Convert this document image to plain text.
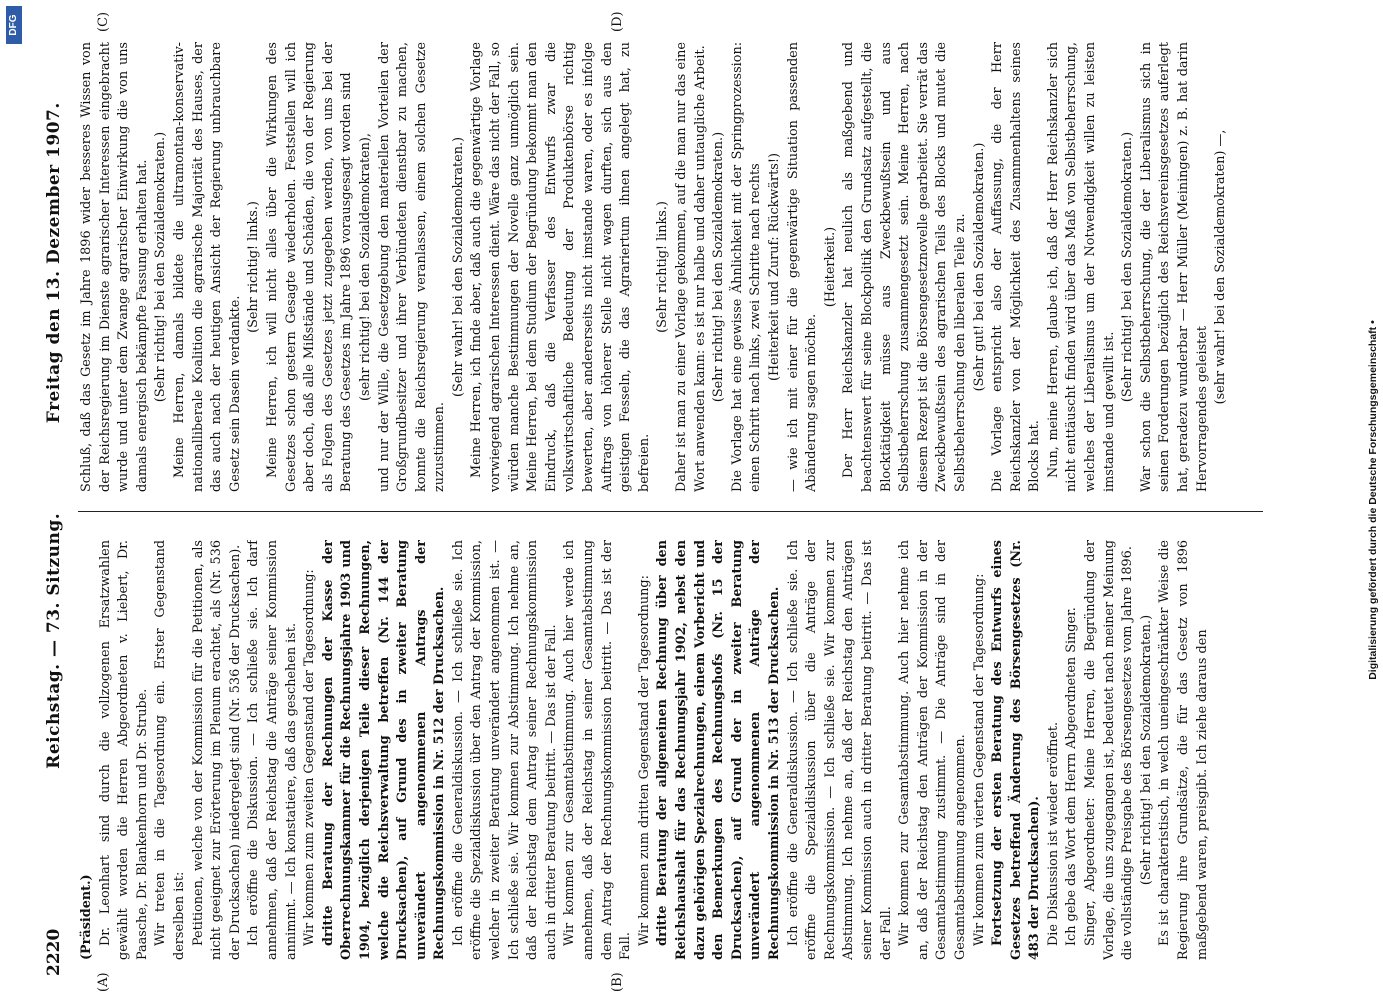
DFG
2220
Reichstag. — 73. Sitzung.
Freitag den 13. Dezember 1907.
(A)	(B)
(C)	(D)

(Präsident.) Dr. Leonhart sind durch die vollzogenen Ersatzwahlen gewählt worden die Herren Abgeordneten v. Liebert, Dr. Paasche, Dr. Blankenhorn und Dr. Strube. Wir treten in die Tagesordnung ein. Erster Gegenstand derselben ist: Petitionen, welche von der Kommission für die Petitionen, als nicht geeignet zur Erörterung im Plenum erachtet, als (Nr. 536 der Drucksachen) niedergelegt sind (Nr. 536 der Drucksachen). Ich eröffne die Diskussion. — Ich schließe sie. Ich darf annehmen, daß der Reichstag die Anträge seiner Kommission annimmt. — Ich konstatiere, daß das geschehen ist. Wir kommen zum zweiten Gegenstand der Tagesordnung: dritte Beratung der Rechnungen der Kasse der Oberrechnungskammer für die Rechnungsjahre 1903 und 1904, bezüglich derjenigen Teile dieser Rechnungen, welche die Reichsverwaltung betreffen (Nr. 144 der Drucksachen), auf Grund des in zweiter Beratung unverändert angenommenen Antrags der Rechnungskommission in Nr. 512 der Drucksachen. Ich eröffne die Generaldiskussion. — Ich schließe sie. Ich eröffne die Spezialdiskussion über den Antrag der Kommission, welcher in zweiter Beratung unverändert angenommen ist. — Ich schließe sie. Wir kommen zur Abstimmung. Ich nehme an, daß der Reichstag dem Antrag seiner Rechnungskommission auch in dritter Beratung beitritt. — Das ist der Fall. Wir kommen zur Gesamtabstimmung. Auch hier werde ich annehmen, daß der Reichstag in seiner Gesamtabstimmung dem Antrag der Rechnungskommission beitritt. — Das ist der Fall.

Wir kommen zum dritten Gegenstand der Tagesordnung: dritte Beratung der allgemeinen Rechnung über den Reichshaushalt für das Rechnungsjahr 1902, nebst den dazu gehörigen Spezialrechnungen, einem Vorbericht und den Bemerkungen des Rechnungshofs (Nr. 15 der Drucksachen), auf Grund der in zweiter Beratung unverändert angenommenen Anträge der Rechnungskommission in Nr. 513 der Drucksachen. Ich eröffne die Generaldiskussion. — Ich schließe sie. Ich eröffne die Spezialdiskussion über die Anträge der Rechnungskommission. — Ich schließe sie. Wir kommen zur Abstimmung. Ich nehme an, daß der Reichstag den Anträgen seiner Kommission auch in dritter Beratung beitritt. — Das ist der Fall. Wir kommen zur Gesamtabstimmung. Auch hier nehme ich an, daß der Reichstag den Anträgen der Kommission in der Gesamtabstimmung zustimmt. — Die Anträge sind in der Gesamtabstimmung angenommen. Wir kommen zum vierten Gegenstand der Tagesordnung: Fortsetzung der ersten Beratung des Entwurfs eines Gesetzes betreffend Änderung des Börsengesetzes (Nr. 483 der Drucksachen). Die Diskussion ist wieder eröffnet. Ich gebe das Wort dem Herrn Abgeordneten Singer. Singer, Abgeordneter: Meine Herren, die Begründung der Vorlage, die uns zugegangen ist, bedeutet nach meiner Meinung die vollständige Preisgabe des Börsengesetzes vom Jahre 1896. (Sehr richtig! bei den Sozialdemokraten.) Es ist charakteristisch, in welch uneingeschränkter Weise die Regierung ihre Grundsätze, die für das Gesetz von 1896 maßgebend waren, preisgibt. Ich ziehe daraus den

Schluß, daß das Gesetz im Jahre 1896 wider besseres Wissen von der Reichsregierung im Dienste agrarischer Interessen eingebracht wurde und unter dem Zwange agrarischer Einwirkung die von uns damals energisch bekämpfte Fassung erhalten hat. (Sehr richtig! bei den Sozialdemokraten.) Meine Herren, damals bildete die ultramontan-konservativ-nationalliberale Koalition die agrarische Majorität des Hauses, der das auch nach der heutigen Ansicht der Regierung unbrauchbare Gesetz sein Dasein verdankte.

(Sehr richtig! links.) Meine Herren, ich will nicht alles über die Wirkungen des Gesetzes schon gestern Gesagte wiederholen. Feststellen will ich aber doch, daß alle Mißstände und Schäden, die von der Regierung als Folgen des Gesetzes jetzt zugegeben werden, von uns bei der Beratung des Gesetzes im Jahre 1896 vorausgesagt worden sind (sehr richtig! bei den Sozialdemokraten), und nur der Wille, die Gesetzgebung den materiellen Vorteilen der Großgrundbesitzer und ihrer Verbündeten dienstbar zu machen, konnte die Reichsregierung veranlassen, einem solchen Gesetze zuzustimmen.

(Sehr wahr! bei den Sozialdemokraten.) Meine Herren, ich finde aber, daß auch die gegenwärtige Vorlage vorwiegend agrarischen Interessen dient. Wäre das nicht der Fall, so würden manche Bestimmungen der Novelle ganz unmöglich sein. Meine Herren, bei dem Studium der Begründung bekommt man den Eindruck, daß die Verfasser des Entwurfs zwar die volkswirtschaftliche Bedeutung der Produktenbörse richtig bewerten, aber andererseits nicht imstande waren, oder es infolge Auftrags von höherer Stelle nicht wagen durften, sich aus den geistigen Fesseln, die das Agrariertum ihnen angelegt hat, zu befreien.

(Sehr richtig! links.) Daher ist man zu einer Vorlage gekommen, auf die man nur das eine Wort anwenden kann: es ist nur halbe und daher untaugliche Arbeit. (Sehr richtig! bei den Sozialdemokraten.) Die Vorlage hat eine gewisse Ähnlichkeit mit der Springprozession: einen Schritt nach links, zwei Schritte nach rechts (Heiterkeit und Zuruf: Rückwärts!) — wie ich mit einer für die gegenwärtige Situation passenden Abänderung sagen möchte.

(Heiterkeit.) Der Herr Reichskanzler hat neulich als maßgebend und beachtenswert für seine Blockpolitik den Grundsatz aufgestellt, die Blocktätigkeit müsse aus Zweckbewußtsein und aus Selbstbeherrschung zusammengesetzt sein. Meine Herren, nach diesem Rezept ist die Börsengesetznovelle gearbeitet. Sie verrät das Zweckbewußtsein des agrarischen Teils des Blocks und mutet die Selbstbeherrschung den liberalen Teile zu. (Sehr gut! bei den Sozialdemokraten.) Die Vorlage entspricht also der Auffassung, die der Herr Reichskanzler von der Möglichkeit des Zusammenhaltens seines Blocks hat. Nun, meine Herren, glaube ich, daß der Herr Reichskanzler sich nicht enttäuscht finden wird über das Maß von Selbstbeherrschung, welches der Liberalismus um der Notwendigkeit willen zu leisten imstande und gewillt ist.

(Sehr richtig! bei den Sozialdemokraten.) War schon die Selbstbeherrschung, die der Liberalismus sich in seinen Forderungen bezüglich des Reichsvereinsgesetzes auferlegt hat, geradezu wunderbar — Herr Müller (Meiningen) z. B. hat darin Hervorragendes geleistet

(sehr wahr! bei den Sozialdemokraten) —,

Digitalisierung gefördert durch die Deutsche Forschungsgemeinschaft •
